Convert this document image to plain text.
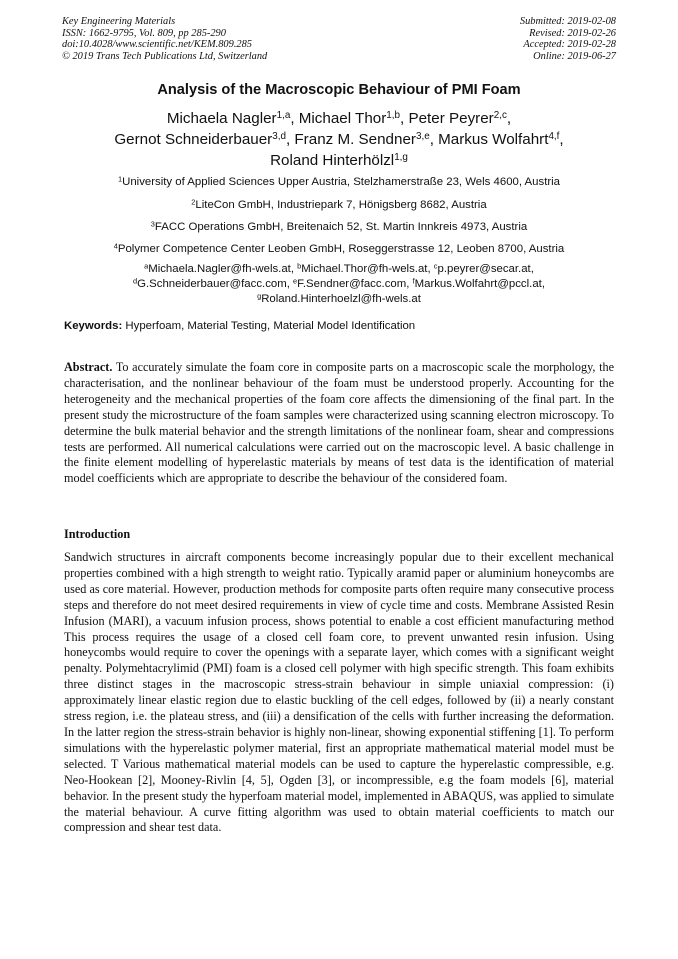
Key Engineering Materials
ISSN: 1662-9795, Vol. 809, pp 285-290
doi:10.4028/www.scientific.net/KEM.809.285
© 2019 Trans Tech Publications Ltd, Switzerland
Submitted: 2019-02-08
Revised: 2019-02-26
Accepted: 2019-02-28
Online: 2019-06-27
Analysis of the Macroscopic Behaviour of PMI Foam
Michaela Nagler$^{1,a}$, Michael Thor$^{1,b}$, Peter Peyrer$^{2,c}$,
Gernot Schneiderbauer$^{3,d}$, Franz M. Sendner$^{3,e}$, Markus Wolfahrt$^{4,f}$,
Roland Hinterhölzl$^{1,g}$
$^1$University of Applied Sciences Upper Austria, Stelzhamerstraße 23, Wels 4600, Austria
$^2$LiteCon GmbH, Industriepark 7, Hönigsberg 8682, Austria
$^3$FACC Operations GmbH, Breitenaich 52, St. Martin Innkreis 4973, Austria
$^4$Polymer Competence Center Leoben GmbH, Roseggerstrasse 12, Leoben 8700, Austria
$^a$Michaela.Nagler@fh-wels.at, $^b$Michael.Thor@fh-wels.at, $^c$p.peyrer@secar.at,
$^d$G.Schneiderbauer@facc.com, $^e$F.Sendner@facc.com, $^f$Markus.Wolfahrt@pccl.at,
$^g$Roland.Hinterhoelzl@fh-wels.at
Keywords: Hyperfoam, Material Testing, Material Model Identification
Abstract. To accurately simulate the foam core in composite parts on a macroscopic scale the morphology, the characterisation, and the nonlinear behaviour of the foam must be understood properly. Accounting for the heterogeneity and the mechanical properties of the foam core affects the dimensioning of the final part. In the present study the microstructure of the foam samples were characterized using scanning electron microscopy. To determine the bulk material behavior and the strength limitations of the nonlinear foam, shear and compressions tests are performed. All numerical calculations were carried out on the macroscopic level. A basic challenge in the finite element modelling of hyperelastic materials by means of test data is the identification of material model coefficients which are appropriate to describe the behaviour of the considered foam.
Introduction
Sandwich structures in aircraft components become increasingly popular due to their excellent mechanical properties combined with a high strength to weight ratio. Typically aramid paper or aluminium honeycombs are used as core material. However, production methods for composite parts often require many consecutive process steps and therefore do not meet desired requirements in view of cycle time and costs. Membrane Assisted Resin Infusion (MARI), a vacuum infusion process, shows potential to enable a cost efficient manufacturing method This process requires the usage of a closed cell foam core, to prevent unwanted resin infusion. Using honeycombs would require to cover the openings with a separate layer, which comes with a significant weight penalty. Polymehtacrylimid (PMI) foam is a closed cell polymer with high specific strength. This foam exhibits three distinct stages in the macroscopic stress-strain behaviour in simple uniaxial compression: (i) approximately linear elastic region due to elastic buckling of the cell edges, followed by (ii) a nearly constant stress region, i.e. the plateau stress, and (iii) a densification of the cells with further increasing the deformation. In the latter region the stress-strain behavior is highly non-linear, showing exponential stiffening [1]. To perform simulations with the hyperelastic polymer material, first an appropriate mathematical material model must be selected. T Various mathematical material models can be used to capture the hyperelastic compressible, e.g. Neo-Hookean [2], Mooney-Rivlin [4, 5], Ogden [3], or incompressible, e.g the foam models [6], material behavior. In the present study the hyperfoam material model, implemented in ABAQUS, was applied to simulate the material behaviour. A curve fitting algorithm was used to obtain material coefficients to match our compression and shear test data.
